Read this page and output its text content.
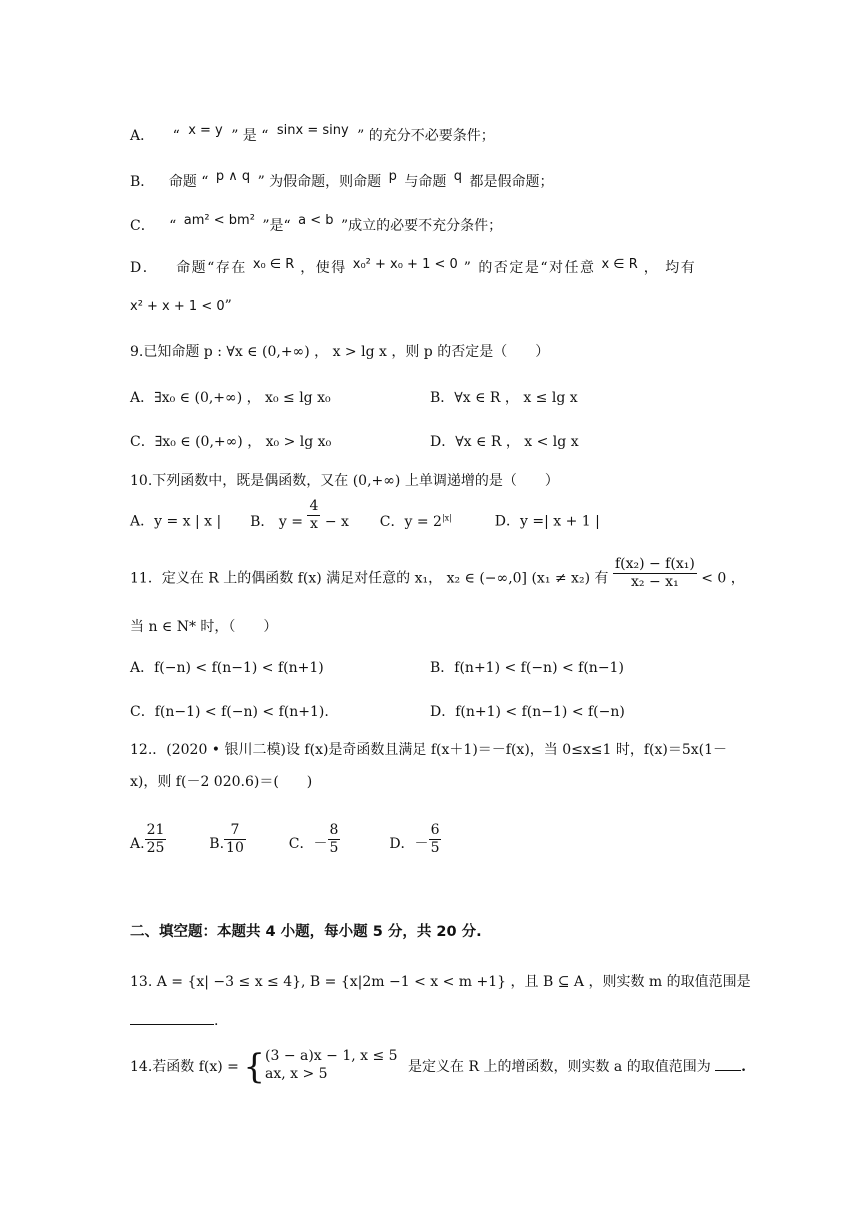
A． “ x = y ” 是 “ sinx = siny ” 的充分不必要条件；
B． 命题 “ p ∧ q ” 为假命题，则命题 p 与命题 q 都是假命题；
C． “ am² < bm² ”是“ a < b ”成立的必要不充分条件；
D． 命题“存在 x₀ ∈ R ，使得 x₀² + x₀ + 1 < 0 ” 的否定是“对任意 x ∈ R ， 均有
x² + x + 1 < 0”
9.已知命题 p : ∀x ∈ (0,+∞) ， x > lg x ，则 p 的否定是（　　）
A．∃x₀ ∈ (0,+∞) ， x₀ ≤ lg x₀	B．∀x ∈ R ， x ≤ lg x
C．∃x₀ ∈ (0,+∞) ， x₀ > lg x₀	D．∀x ∈ R ， x < lg x
10.下列函数中，既是偶函数，又在 (0,+∞) 上单调递增的是（　　）
A．y = x | x | B． $y = \frac{4}{x} - x$ C．$y = 2^{|x|}$	D．y =| x + 1 |
11．定义在 R 上的偶函数 f(x) 满足对任意的 x₁， x₂ ∈ (−∞,0] (x₁ ≠ x₂) 有 $\frac{\text{f(x₂) − f(x₁)}}{\text{x₂ − x₁}} < 0$ ，
当 n ∈ N* 时，（　　）
A．f(−n) < f(n−1) < f(n+1)	B．f(n+1) < f(−n) < f(n−1)
C．f(n−1) < f(−n) < f(n+1).	D．f(n+1) < f(n−1) < f(−n)
12.．(2020 • 银川二模)设 f(x)是奇函数且满足 f(x＋1)＝－f(x)，当 0≤x≤1 时，f(x)＝5x(1－
x)，则 f(－2 020.6)＝(　　)
A. $\frac{21}{25}$	B. $\frac{7}{10}$	C．－ $\frac{8}{5}$	D．－ $\frac{6}{5}$
二、填空题：本题共 4 小题，每小题 5 分，共 20 分.
13. A = {x| −3 ≤ x ≤ 4}, B = {x|2m −1 < x < m +1} ，且 B ⊆ A ，则实数 m 的取值范围是
.
14.若函数 f(x) = { (3 − a)x − 1, x ≤ 5
ax, x > 5	是定义在 R 上的增函数，则实数 a 的取值范围为 .
